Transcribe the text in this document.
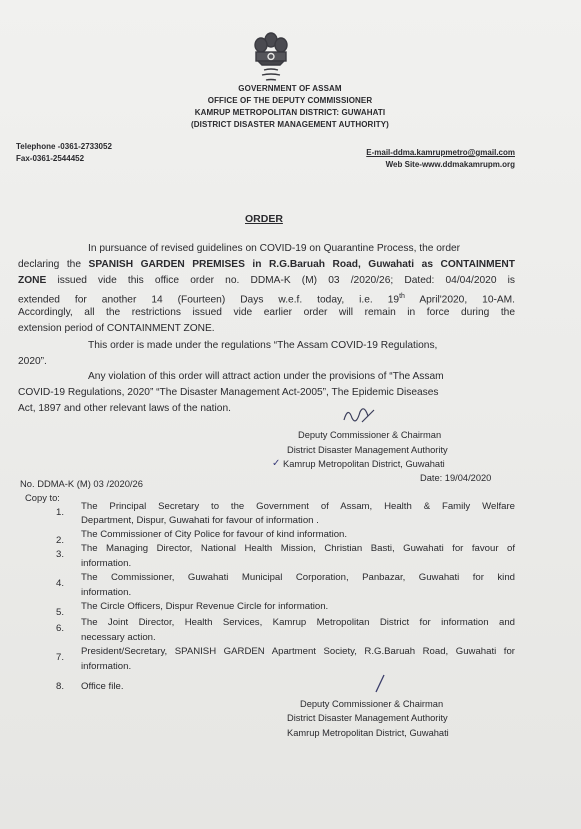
GOVERNMENT OF ASSAM
OFFICE OF THE DEPUTY COMMISSIONER
KAMRUP METROPOLITAN DISTRICT: GUWAHATI
(DISTRICT DISASTER MANAGEMENT AUTHORITY)
Telephone -0361-2733052
Fax-0361-2544452
E-mail-ddma.kamrupmetro@gmail.com
Web Site-www.ddmakamrupm.org
ORDER
In pursuance of revised guidelines on COVID-19 on Quarantine Process, the order
declaring the SPANISH GARDEN PREMISES in R.G.Baruah Road, Guwahati as CONTAINMENT
ZONE issued vide this office order no. DDMA-K (M) 03 /2020/26; Dated: 04/04/2020 is
extended for another 14 (Fourteen) Days w.e.f. today, i.e. 19th April'2020, 10-AM.
Accordingly, all the restrictions issued vide earlier order will remain in force during the
extension period of CONTAINMENT ZONE.
This order is made under the regulations “The Assam COVID-19 Regulations,
2020”.
Any violation of this order will attract action under the provisions of “The Assam
COVID-19 Regulations, 2020” “The Disaster Management Act-2005”, The Epidemic Diseases
Act, 1897 and other relevant laws of the nation.
Deputy Commissioner & Chairman
District Disaster Management Authority
Kamrup Metropolitan District, Guwahati
✓
Date: 19/04/2020
No. DDMA-K (M) 03 /2020/26
Copy to:
1.
The Principal Secretary to the Government of Assam, Health & Family Welfare
Department, Dispur, Guwahati for favour of information .
2.
The Commissioner of City Police for favour of kind information.
3.
The Managing Director, National Health Mission, Christian Basti, Guwahati for favour of
information.
4.
The Commissioner, Guwahati Municipal Corporation, Panbazar, Guwahati for kind
information.
5.
The Circle Officers, Dispur Revenue Circle for information.
6.
The Joint Director, Health Services, Kamrup Metropolitan District for information and
necessary action.
7.
President/Secretary, SPANISH GARDEN Apartment Society, R.G.Baruah Road, Guwahati for
information.
8. Office file.
Deputy Commissioner & Chairman
District Disaster Management Authority
Kamrup Metropolitan District, Guwahati
